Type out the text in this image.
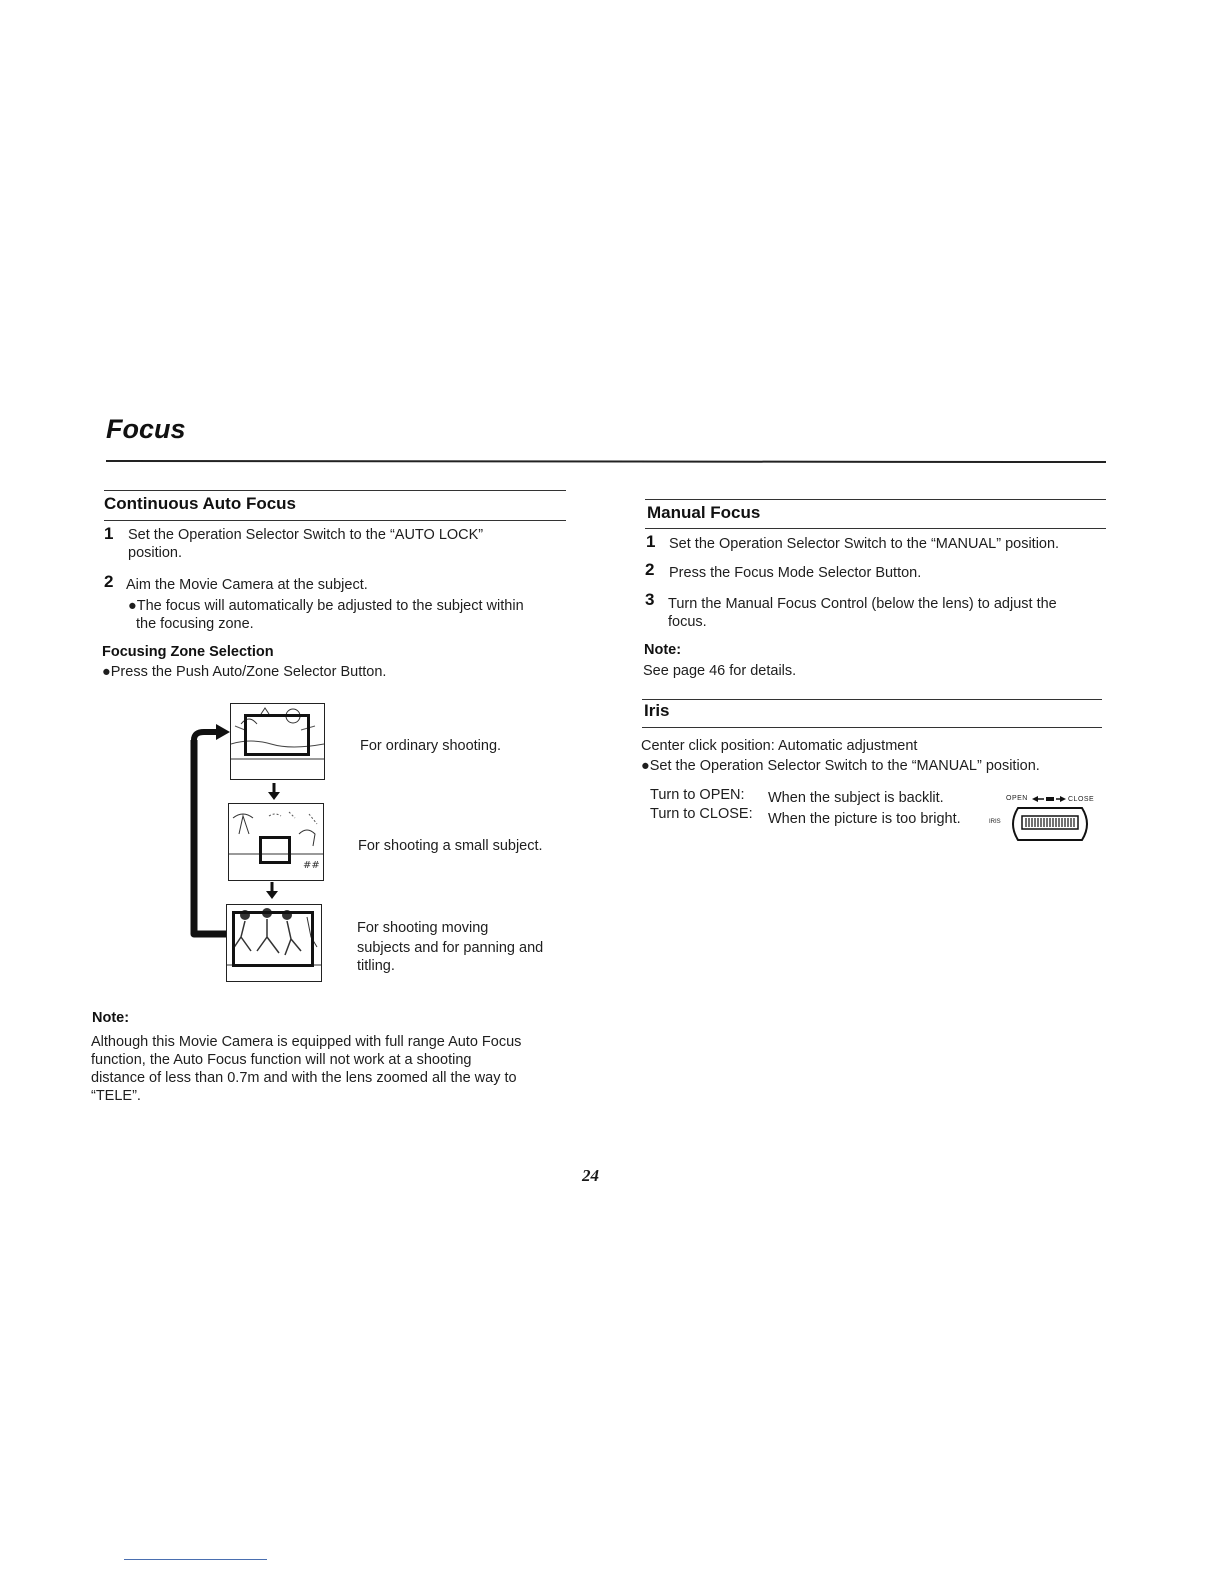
Focus
Continuous Auto Focus
1 Set the Operation Selector Switch to the “AUTO LOCK”
position.
2 Aim the Movie Camera at the subject.
●The focus will automatically be adjusted to the subject within
the focusing zone.
Focusing Zone Selection
●Press the Push Auto/Zone Selector Button.
For ordinary shooting.
##
For shooting a small subject.
For shooting moving
subjects and for panning and
titling.
Note:
Although this Movie Camera is equipped with full range Auto Focus
function, the Auto Focus function will not work at a shooting
distance of less than 0.7m and with the lens zoomed all the way to
“TELE”.
Manual Focus
1 Set the Operation Selector Switch to the “MANUAL” position.
2 Press the Focus Mode Selector Button.
3 Turn the Manual Focus Control (below the lens) to adjust the
focus.
Note:
See page 46 for details.
Iris
Center click position: Automatic adjustment
●Set the Operation Selector Switch to the “MANUAL” position.
Turn to OPEN: When the subject is backlit.
Turn to CLOSE: When the picture is too bright.
OPEN	CLOSE
IRIS
24
